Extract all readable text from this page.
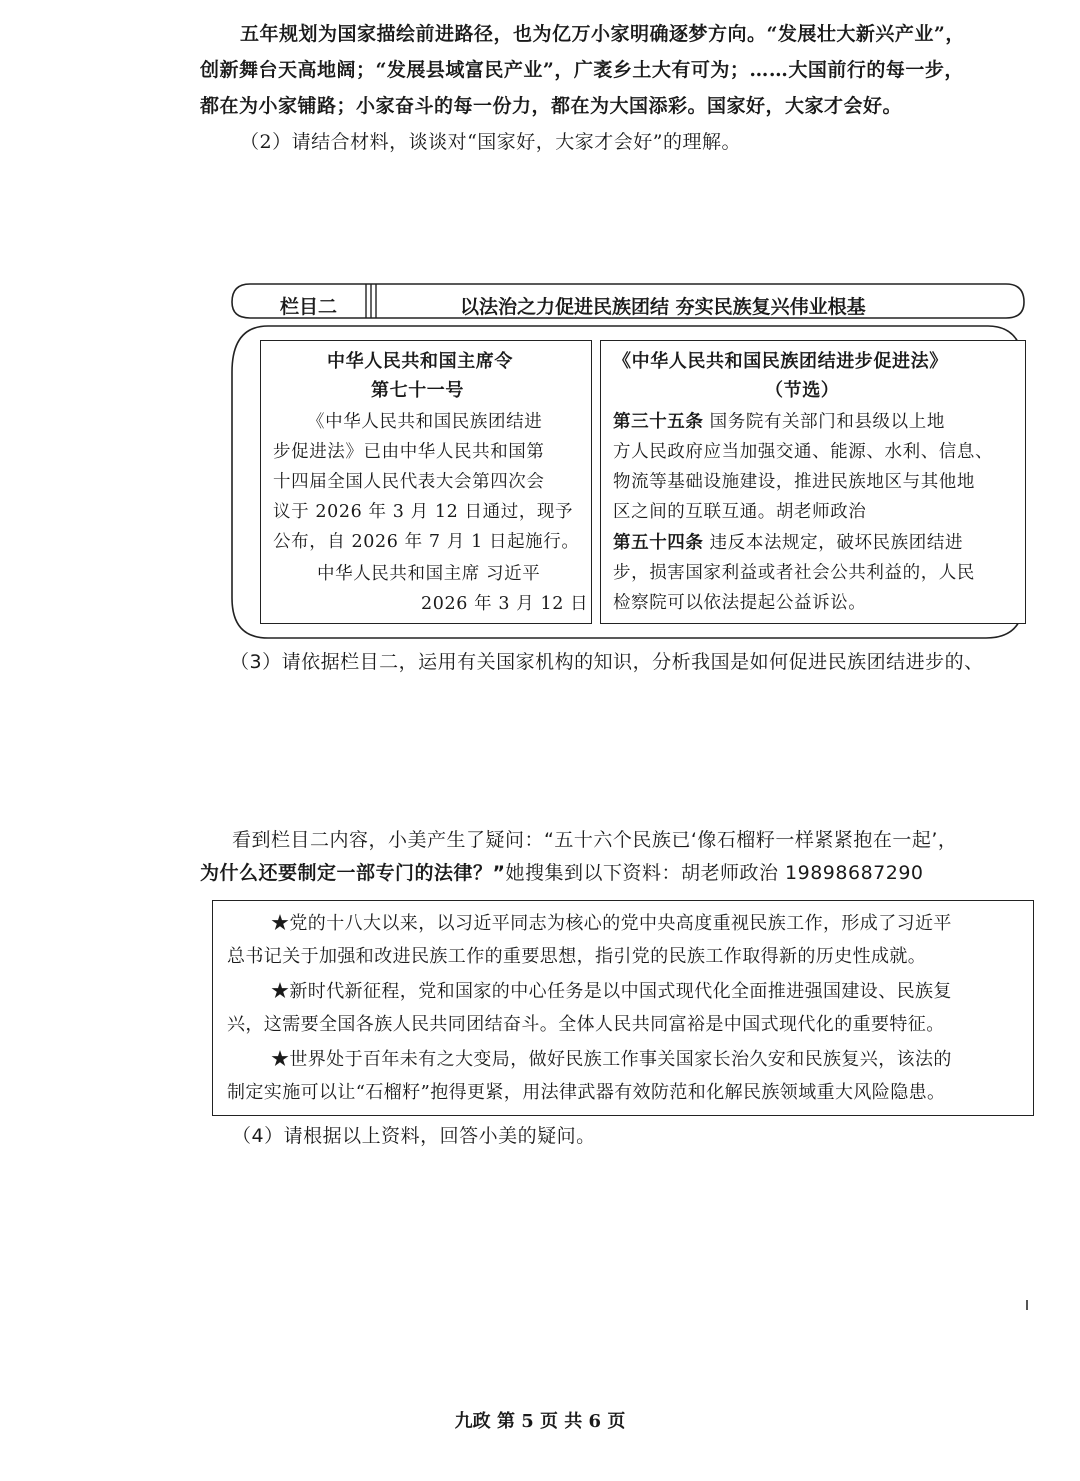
五年规划为国家描绘前进路径，也为亿万小家明确逐梦方向。“发展壮大新兴产业”，
创新舞台天高地阔；“发展县域富民产业”，广袤乡土大有可为；……大国前行的每一步，
都在为小家铺路；小家奋斗的每一份力，都在为大国添彩。国家好，大家才会好。
（2）请结合材料，谈谈对“国家好，大家才会好”的理解。
栏目二	以法治之力促进民族团结 夯实民族复兴伟业根基
中华人民共和国主席令
第七十一号
《中华人民共和国民族团结进
步促进法》已由中华人民共和国第
十四届全国人民代表大会第四次会
议于 2026 年 3 月 12 日通过，现予
公布，自 2026 年 7 月 1 日起施行。
中华人民共和国主席 习近平
2026 年 3 月 12 日
《中华人民共和国民族团结进步促进法》
（节选）
第三十五条 国务院有关部门和县级以上地
方人民政府应当加强交通、能源、水利、信息、
物流等基础设施建设，推进民族地区与其他地
区之间的互联互通。胡老师政治
第五十四条 违反本法规定，破坏民族团结进
步，损害国家利益或者社会公共利益的，人民
检察院可以依法提起公益诉讼。
（3）请依据栏目二，运用有关国家机构的知识，分析我国是如何促进民族团结进步的、
看到栏目二内容，小美产生了疑问：“五十六个民族已‘像石榴籽一样紧紧抱在一起’，
为什么还要制定一部专门的法律？”她搜集到以下资料：胡老师政治 19898687290
★党的十八大以来，以习近平同志为核心的党中央高度重视民族工作，形成了习近平
总书记关于加强和改进民族工作的重要思想，指引党的民族工作取得新的历史性成就。
★新时代新征程，党和国家的中心任务是以中国式现代化全面推进强国建设、民族复
兴，这需要全国各族人民共同团结奋斗。全体人民共同富裕是中国式现代化的重要特征。
★世界处于百年未有之大变局，做好民族工作事关国家长治久安和民族复兴，该法的
制定实施可以让“石榴籽”抱得更紧，用法律武器有效防范和化解民族领域重大风险隐患。
（4）请根据以上资料，回答小美的疑问。
九政 第 5 页 共 6 页
